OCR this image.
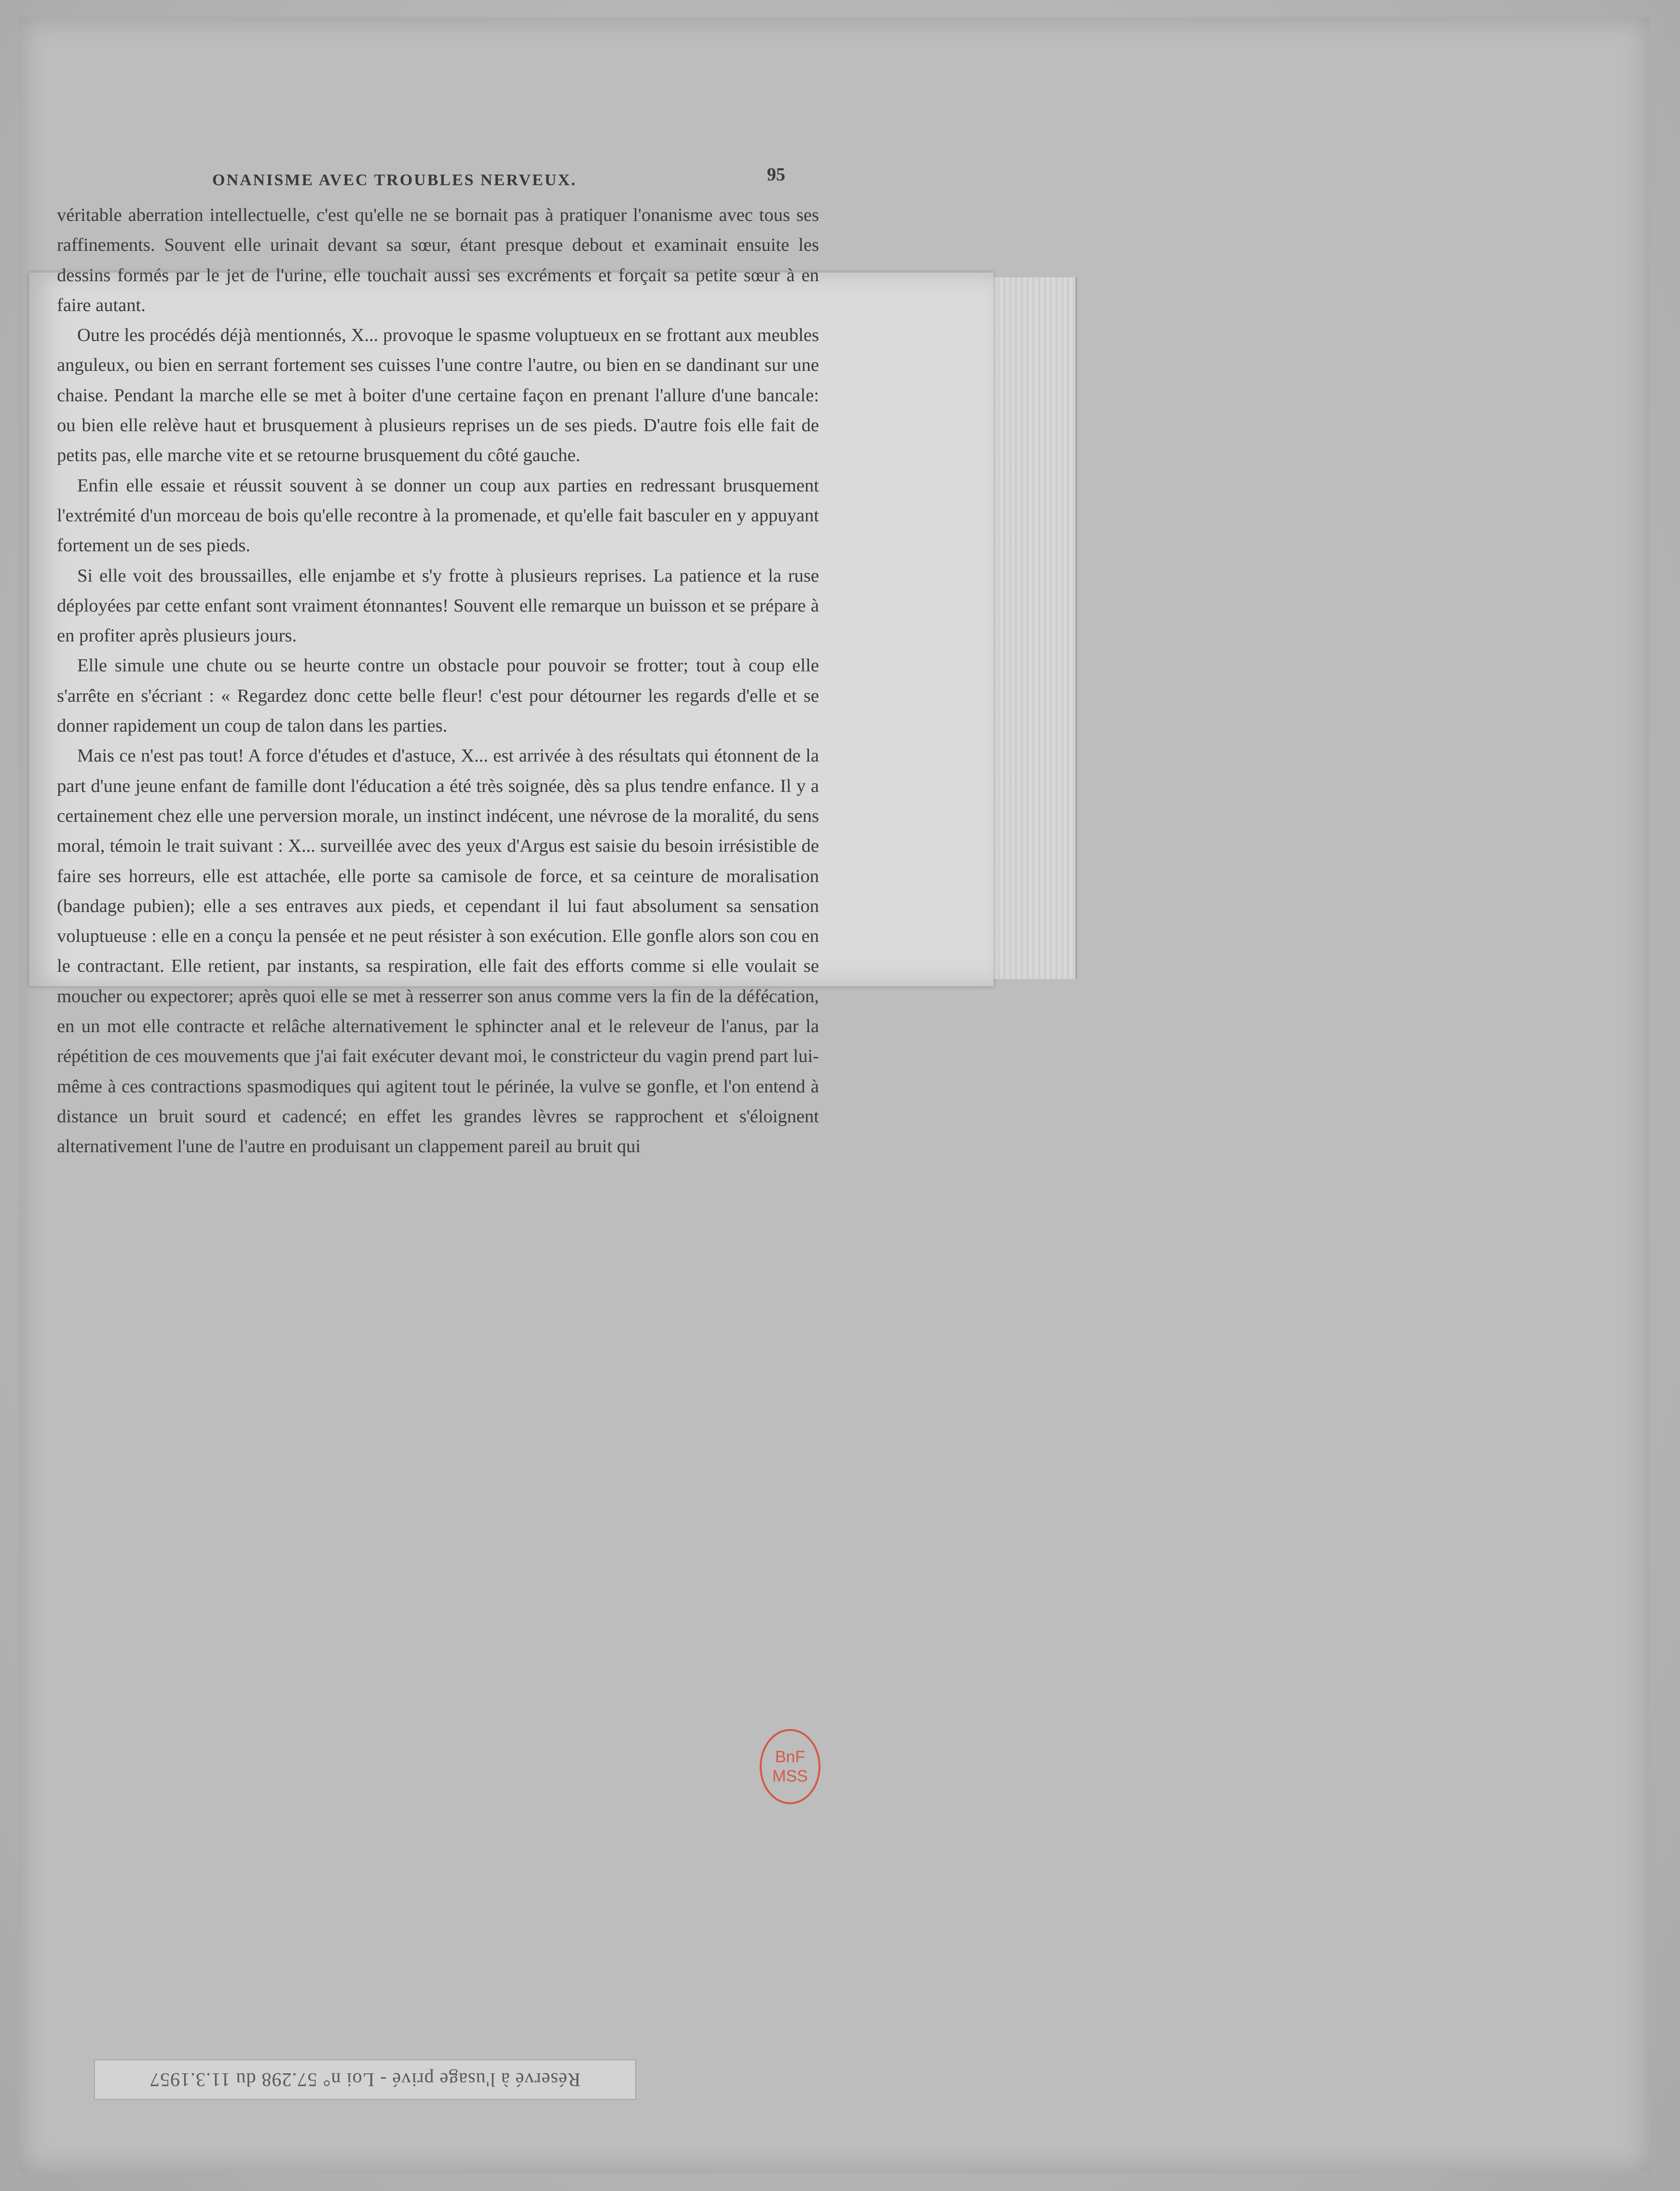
ONANISME AVEC TROUBLES NERVEUX.	95

véritable aberration intellectuelle, c'est qu'elle ne se bornait pas à pratiquer l'onanisme avec tous ses raffinements. Souvent elle urinait devant sa sœur, étant presque debout et examinait ensuite les dessins formés par le jet de l'urine, elle touchait aussi ses excréments et forçait sa petite sœur à en faire autant.

Outre les procédés déjà mentionnés, X... provoque le spasme voluptueux en se frottant aux meubles anguleux, ou bien en serrant fortement ses cuisses l'une contre l'autre, ou bien en se dandinant sur une chaise. Pendant la marche elle se met à boiter d'une certaine façon en prenant l'allure d'une bancale: ou bien elle relève haut et brusquement à plusieurs reprises un de ses pieds. D'autre fois elle fait de petits pas, elle marche vite et se retourne brusquement du côté gauche.

Enfin elle essaie et réussit souvent à se donner un coup aux parties en redressant brusquement l'extrémité d'un morceau de bois qu'elle recontre à la promenade, et qu'elle fait basculer en y appuyant fortement un de ses pieds.

Si elle voit des broussailles, elle enjambe et s'y frotte à plusieurs reprises. La patience et la ruse déployées par cette enfant sont vraiment étonnantes! Souvent elle remarque un buisson et se prépare à en profiter après plusieurs jours.

Elle simule une chute ou se heurte contre un obstacle pour pouvoir se frotter; tout à coup elle s'arrête en s'écriant : « Regardez donc cette belle fleur! c'est pour détourner les regards d'elle et se donner rapidement un coup de talon dans les parties.

Mais ce n'est pas tout! A force d'études et d'astuce, X... est arrivée à des résultats qui étonnent de la part d'une jeune enfant de famille dont l'éducation a été très soignée, dès sa plus tendre enfance. Il y a certainement chez elle une perversion morale, un instinct indécent, une névrose de la moralité, du sens moral, témoin le trait suivant : X... surveillée avec des yeux d'Argus est saisie du besoin irrésistible de faire ses horreurs, elle est attachée, elle porte sa camisole de force, et sa ceinture de moralisation (bandage pubien); elle a ses entraves aux pieds, et cependant il lui faut absolument sa sensation voluptueuse : elle en a conçu la pensée et ne peut résister à son exécution. Elle gonfle alors son cou en le contractant. Elle retient, par instants, sa respiration, elle fait des efforts comme si elle voulait se moucher ou expectorer; après quoi elle se met à resserrer son anus comme vers la fin de la défécation, en un mot elle contracte et relâche alternativement le sphincter anal et le releveur de l'anus, par la répétition de ces mouvements que j'ai fait exécuter devant moi, le constricteur du vagin prend part lui-même à ces contractions spasmodiques qui agitent tout le périnée, la vulve se gonfle, et l'on entend à distance un bruit sourd et cadencé; en effet les grandes lèvres se rapprochent et s'éloignent alternativement l'une de l'autre en produisant un clappement pareil au bruit qui

BnF
MSS
Réservé à l'usage privé - Loi n° 57.298 du 11.3.1957
